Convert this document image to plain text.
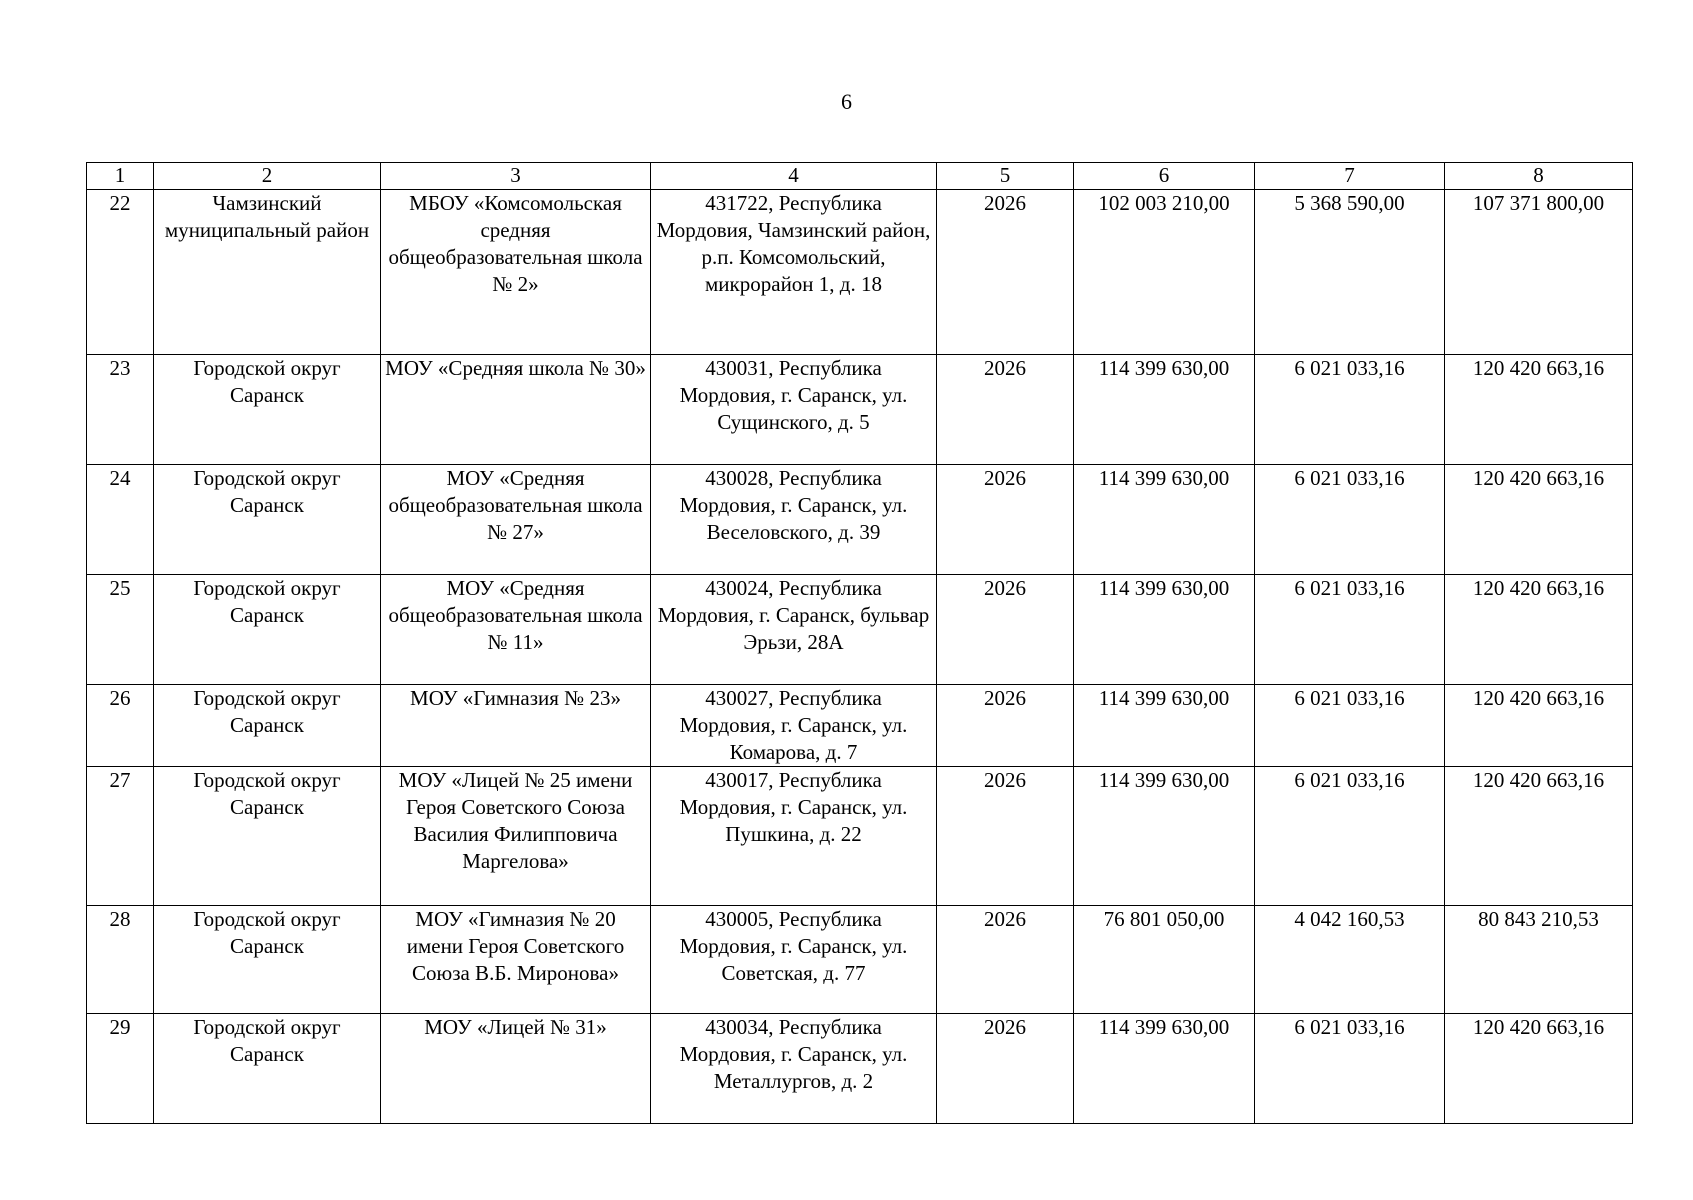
6
1	2	3	4	5	6	7	8
22	Чамзинский муниципальный район	МБОУ «Комсомольская средняя общеобразовательная школа № 2»	431722, Республика Мордовия, Чамзинский район, р.п. Комсомольский, микрорайон 1, д. 18	2026	102 003 210,00	5 368 590,00	107 371 800,00
23	Городской округ Саранск	МОУ «Средняя школа № 30»	430031, Республика Мордовия, г. Саранск, ул. Сущинского, д. 5	2026	114 399 630,00	6 021 033,16	120 420 663,16
24	Городской округ Саранск	МОУ «Средняя общеобразовательная школа № 27»	430028, Республика Мордовия, г. Саранск, ул. Веселовского, д. 39	2026	114 399 630,00	6 021 033,16	120 420 663,16
25	Городской округ Саранск	МОУ «Средняя общеобразовательная школа № 11»	430024, Республика Мордовия, г. Саранск, бульвар Эрьзи, 28А	2026	114 399 630,00	6 021 033,16	120 420 663,16
26	Городской округ Саранск	МОУ «Гимназия № 23»	430027, Республика Мордовия, г. Саранск, ул. Комарова, д. 7	2026	114 399 630,00	6 021 033,16	120 420 663,16
27	Городской округ Саранск	МОУ «Лицей № 25 имени Героя Советского Союза Василия Филипповича Маргелова»	430017, Республика Мордовия, г. Саранск, ул. Пушкина, д. 22	2026	114 399 630,00	6 021 033,16	120 420 663,16
28	Городской округ Саранск	МОУ «Гимназия № 20 имени Героя Советского Союза В.Б. Миронова»	430005, Республика Мордовия, г. Саранск, ул. Советская, д. 77	2026	76 801 050,00	4 042 160,53	80 843 210,53
29	Городской округ Саранск	МОУ «Лицей № 31»	430034, Республика Мордовия, г. Саранск, ул. Металлургов, д. 2	2026	114 399 630,00	6 021 033,16	120 420 663,16
